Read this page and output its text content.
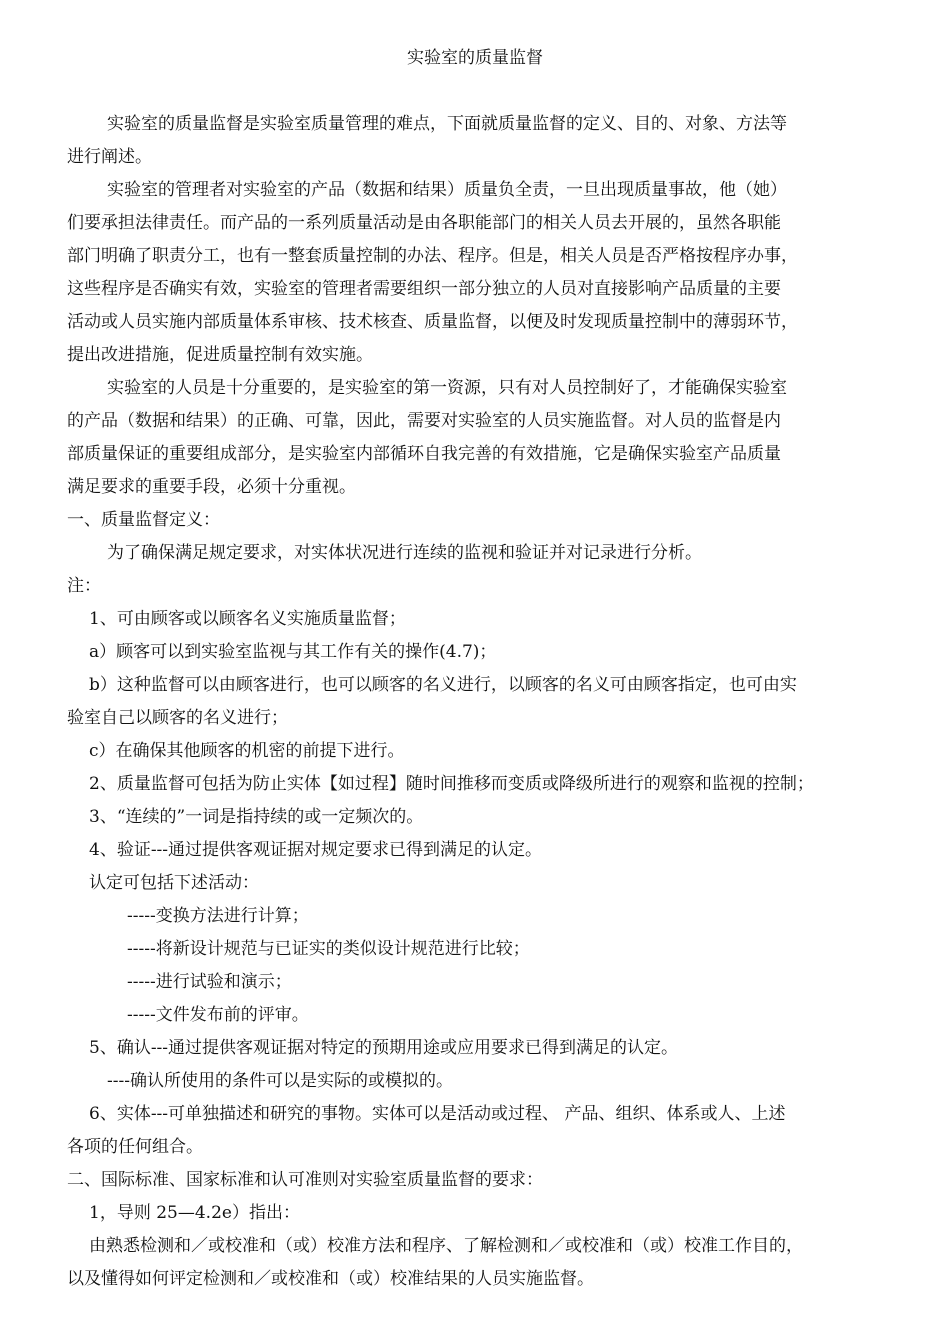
实验室的质量监督
实验室的质量监督是实验室质量管理的难点，下面就质量监督的定义、目的、对象、方法等
进行阐述。
实验室的管理者对实验室的产品（数据和结果）质量负全责，一旦出现质量事故，他（她）
们要承担法律责任。而产品的一系列质量活动是由各职能部门的相关人员去开展的，虽然各职能
部门明确了职责分工，也有一整套质量控制的办法、程序。但是，相关人员是否严格按程序办事，
这些程序是否确实有效，实验室的管理者需要组织一部分独立的人员对直接影响产品质量的主要
活动或人员实施内部质量体系审核、技术核查、质量监督，以便及时发现质量控制中的薄弱环节，
提出改进措施，促进质量控制有效实施。
实验室的人员是十分重要的，是实验室的第一资源，只有对人员控制好了，才能确保实验室
的产品（数据和结果）的正确、可靠，因此，需要对实验室的人员实施监督。对人员的监督是内
部质量保证的重要组成部分，是实验室内部循环自我完善的有效措施，它是确保实验室产品质量
满足要求的重要手段，必须十分重视。
一、质量监督定义：
为了确保满足规定要求，对实体状况进行连续的监视和验证并对记录进行分析。
注：
1、可由顾客或以顾客名义实施质量监督；
a）顾客可以到实验室监视与其工作有关的操作(4.7)；
b）这种监督可以由顾客进行，也可以顾客的名义进行，以顾客的名义可由顾客指定，也可由实
验室自己以顾客的名义进行；
c）在确保其他顾客的机密的前提下进行。
2、质量监督可包括为防止实体【如过程】随时间推移而变质或降级所进行的观察和监视的控制；
3、“连续的”一词是指持续的或一定频次的。
4、验证---通过提供客观证据对规定要求已得到满足的认定。
认定可包括下述活动：
-----变换方法进行计算；
-----将新设计规范与已证实的类似设计规范进行比较；
-----进行试验和演示；
-----文件发布前的评审。
5、确认---通过提供客观证据对特定的预期用途或应用要求已得到满足的认定。
----确认所使用的条件可以是实际的或模拟的。
6、实体---可单独描述和研究的事物。实体可以是活动或过程、 产品、组织、体系或人、上述
各项的任何组合。
二、国际标准、国家标准和认可准则对实验室质量监督的要求：
1，导则 25—4.2e）指出：
由熟悉检测和／或校准和（或）校准方法和程序、了解检测和／或校准和（或）校准工作目的，
以及懂得如何评定检测和／或校准和（或）校准结果的人员实施监督。
